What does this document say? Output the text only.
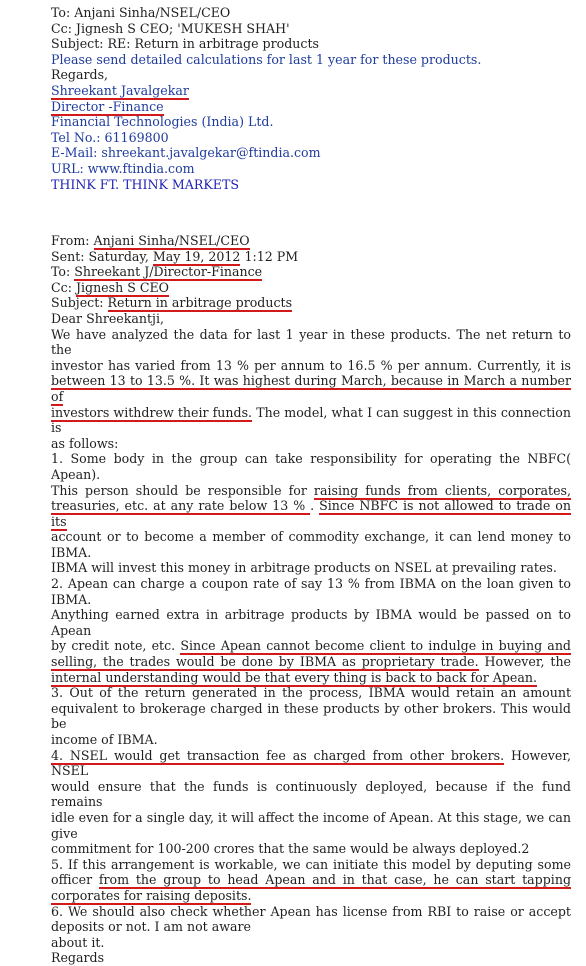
To: Anjani Sinha/NSEL/CEO
Cc: Jignesh S CEO; 'MUKESH SHAH'
Subject: RE: Return in arbitrage products
Please send detailed calculations for last 1 year for these products.
Regards,
Shreekant Javalgekar
Director -Finance
Financial Technologies (India) Ltd.
Tel No.: 61169800
E-Mail: shreekant.javalgekar@ftindia.com
URL: www.ftindia.com
THINK FT. THINK MARKETS
From: Anjani Sinha/NSEL/CEO
Sent: Saturday, May 19, 2012 1:12 PM
To: Shreekant J/Director-Finance
Cc: Jignesh S CEO
Subject: Return in arbitrage products
Dear Shreekantji,
We have analyzed the data for last 1 year in these products. The net return to the
investor has varied from 13 % per annum to 16.5 % per annum. Currently, it is
between 13 to 13.5 %. It was highest during March, because in March a number of
investors withdrew their funds. The model, what I can suggest in this connection is
as follows:
1. Some body in the group can take responsibility for operating the NBFC( Apean).
This person should be responsible for raising funds from clients, corporates,
treasuries, etc. at any rate below 13 % . Since NBFC is not allowed to trade on its
account or to become a member of commodity exchange, it can lend money to IBMA.
IBMA will invest this money in arbitrage products on NSEL at prevailing rates.
2. Apean can charge a coupon rate of say 13 % from IBMA on the loan given to IBMA.
Anything earned extra in arbitrage products by IBMA would be passed on to Apean
by credit note, etc. Since Apean cannot become client to indulge in buying and
selling, the trades would be done by IBMA as proprietary trade. However, the
internal understanding would be that every thing is back to back for Apean.
3. Out of the return generated in the process, IBMA would retain an amount
equivalent to brokerage charged in these products by other brokers. This would be
income of IBMA.
4. NSEL would get transaction fee as charged from other brokers. However, NSEL
would ensure that the funds is continuously deployed, because if the fund remains
idle even for a single day, it will affect the income of Apean. At this stage, we can give
commitment for 100-200 crores that the same would be always deployed.2
5. If this arrangement is workable, we can initiate this model by deputing some
officer from the group to head Apean and in that case, he can start tapping
corporates for raising deposits.
6. We should also check whether Apean has license from RBI to raise or accept
deposits or not. I am not aware
about it.
Regards
